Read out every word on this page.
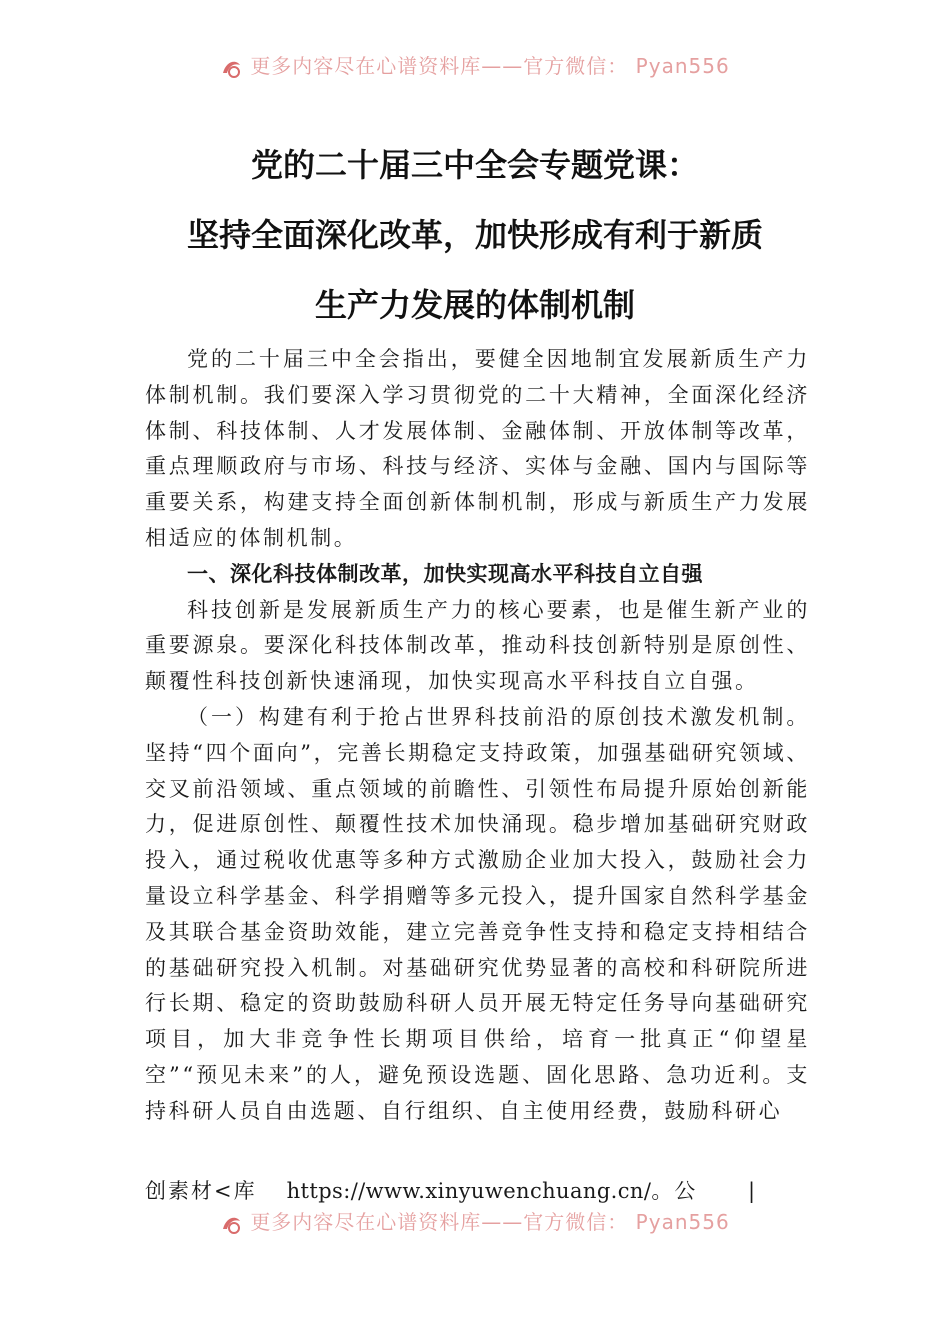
更多内容尽在心谱资料库——官方微信： Pyan556
党的二十届三中全会专题党课：
坚持全面深化改革，加快形成有利于新质
生产力发展的体制机制

党的二十届三中全会指出，要健全因地制宜发展新质生产力体制机制。我们要深入学习贯彻党的二十大精神，全面深化经济体制、科技体制、人才发展体制、金融体制、开放体制等改革，重点理顺政府与市场、科技与经济、实体与金融、国内与国际等重要关系，构建支持全面创新体制机制，形成与新质生产力发展相适应的体制机制。

一、深化科技体制改革，加快实现高水平科技自立自强

科技创新是发展新质生产力的核心要素，也是催生新产业的重要源泉。要深化科技体制改革，推动科技创新特别是原创性、颠覆性科技创新快速涌现，加快实现高水平科技自立自强。

（一）构建有利于抢占世界科技前沿的原创技术激发机制。坚持“四个面向”，完善长期稳定支持政策，加强基础研究领域、交叉前沿领域、重点领域的前瞻性、引领性布局提升原始创新能力，促进原创性、颠覆性技术加快涌现。稳步增加基础研究财政投入，通过税收优惠等多种方式激励企业加大投入，鼓励社会力量设立科学基金、科学捐赠等多元投入，提升国家自然科学基金及其联合基金资助效能，建立完善竞争性支持和稳定支持相结合的基础研究投入机制。对基础研究优势显著的高校和科研院所进行长期、稳定的资助鼓励科研人员开展无特定任务导向基础研究项目，加大非竞争性长期项目供给，培育一批真正“仰望星空”“预见未来”的人，避免预设选题、固化思路、急功近利。支持科研人员自由选题、自行组织、自主使用经费，鼓励科研心

创素材<库 https://www.xinyuwenchuang.cn/。公 |
更多内容尽在心谱资料库——官方微信： Pyan556
